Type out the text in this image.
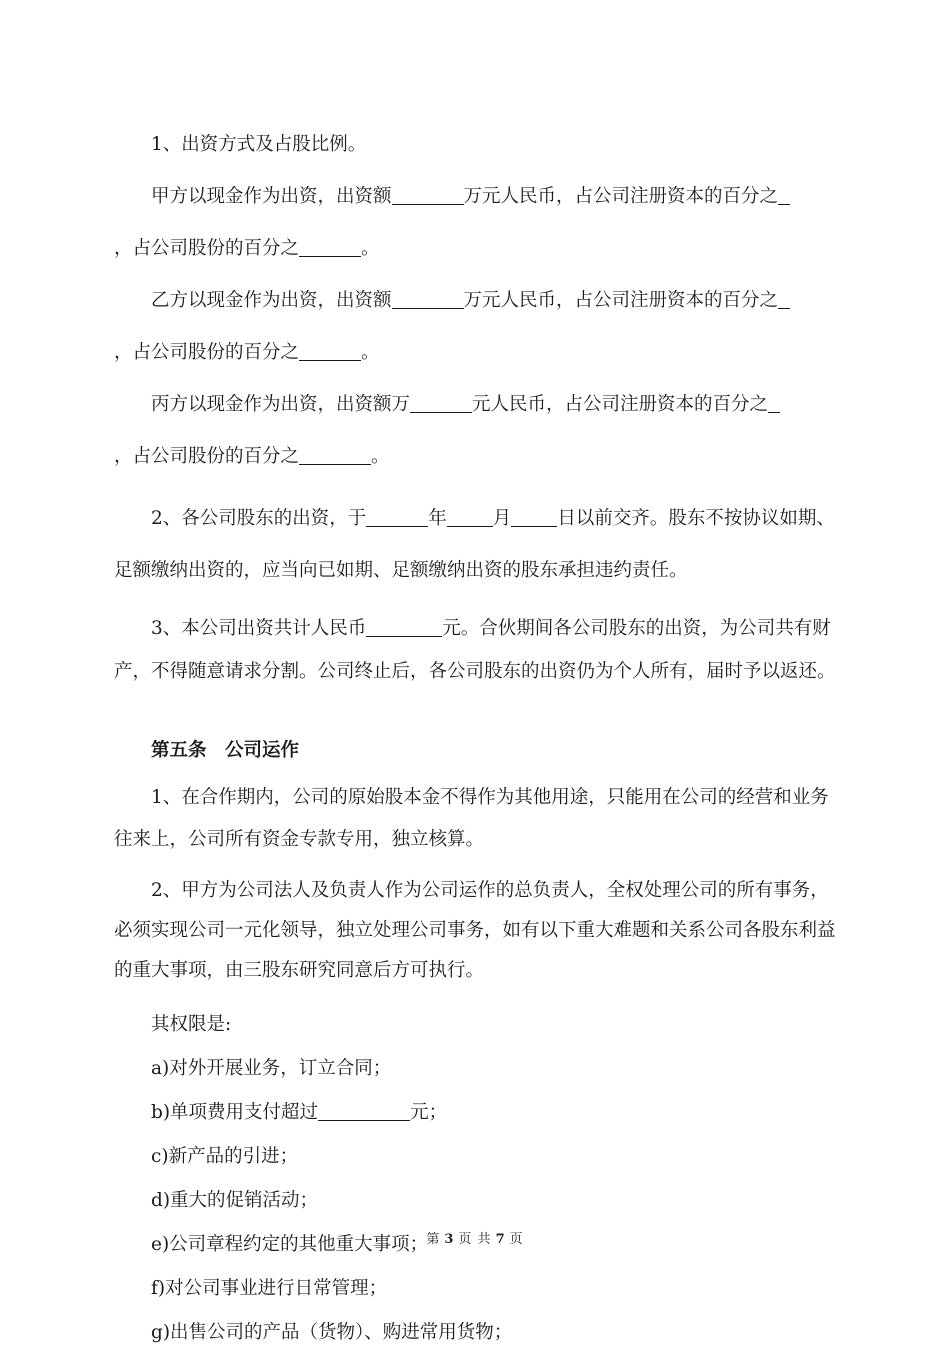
1、出资方式及占股比例。

甲方以现金作为出资，出资额	万元人民币，占公司注册资本的百分之

，占公司股份的百分之	。

乙方以现金作为出资，出资额	万元人民币，占公司注册资本的百分之

，占公司股份的百分之	。

丙方以现金作为出资，出资额万	元人民币，占公司注册资本的百分之

，占公司股份的百分之	。

2、各公司股东的出资，于	年 月 日以前交齐。股东不按协议如期、足额缴纳出资的，应当向已如期、足额缴纳出资的股东承担违约责任。

3、本公司出资共计人民币	元。合伙期间各公司股东的出资，为公司共有财产，不得随意请求分割。公司终止后，各公司股东的出资仍为个人所有，届时予以返还。

第五条　公司运作

1、在合作期内，公司的原始股本金不得作为其他用途，只能用在公司的经营和业务往来上，公司所有资金专款专用，独立核算。

2、甲方为公司法人及负责人作为公司运作的总负责人，全权处理公司的所有事务，必须实现公司一元化领导，独立处理公司事务，如有以下重大难题和关系公司各股东利益的重大事项，由三股东研究同意后方可执行。

其权限是:

a)对外开展业务，订立合同；

b)单项费用支付超过	元；

c)新产品的引进；

d)重大的促销活动；

e)公司章程约定的其他重大事项；

f)对公司事业进行日常管理；

g)出售公司的产品（货物）、购进常用货物；

第 3 页 共 7 页
